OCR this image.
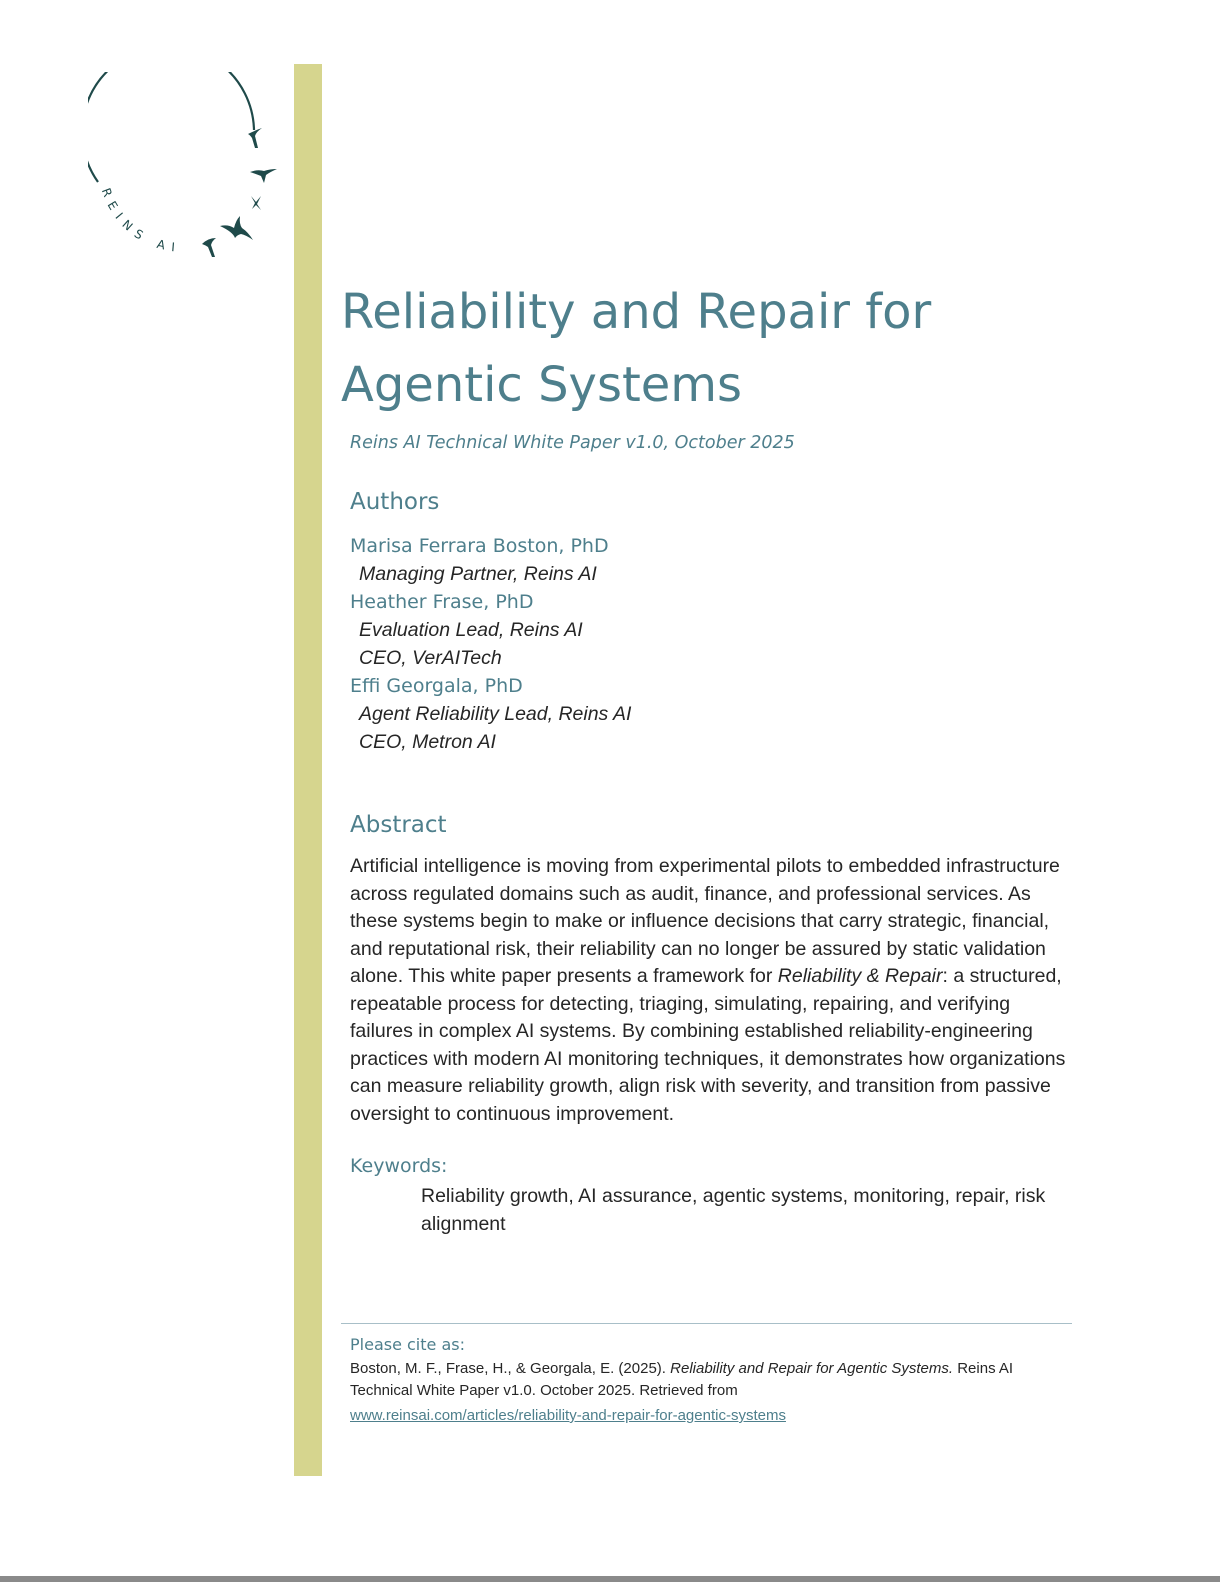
REINS AI
Reliability and Repair for
Agentic Systems
Reins AI Technical White Paper v1.0, October 2025
Authors
Marisa Ferrara Boston, PhD
Managing Partner, Reins AI
Heather Frase, PhD
Evaluation Lead, Reins AI
CEO, VerAITech
Effi Georgala, PhD
Agent Reliability Lead, Reins AI
CEO, Metron AI
Abstract

Artificial intelligence is moving from experimental pilots to embedded infrastructure across regulated domains such as audit, finance, and professional services. As these systems begin to make or influence decisions that carry strategic, financial, and reputational risk, their reliability can no longer be assured by static validation alone. This white paper presents a framework for Reliability & Repair: a structured, repeatable process for detecting, triaging, simulating, repairing, and verifying failures in complex AI systems. By combining established reliability-engineering practices with modern AI monitoring techniques, it demonstrates how organizations can measure reliability growth, align risk with severity, and transition from passive oversight to continuous improvement.

Keywords:
Reliability growth, AI assurance, agentic systems, monitoring, repair, risk alignment
Please cite as:
Boston, M. F., Frase, H., & Georgala, E. (2025). Reliability and Repair for Agentic Systems. Reins AI Technical White Paper v1.0. October 2025. Retrieved from
www.reinsai.com/articles/reliability-and-repair-for-agentic-systems
